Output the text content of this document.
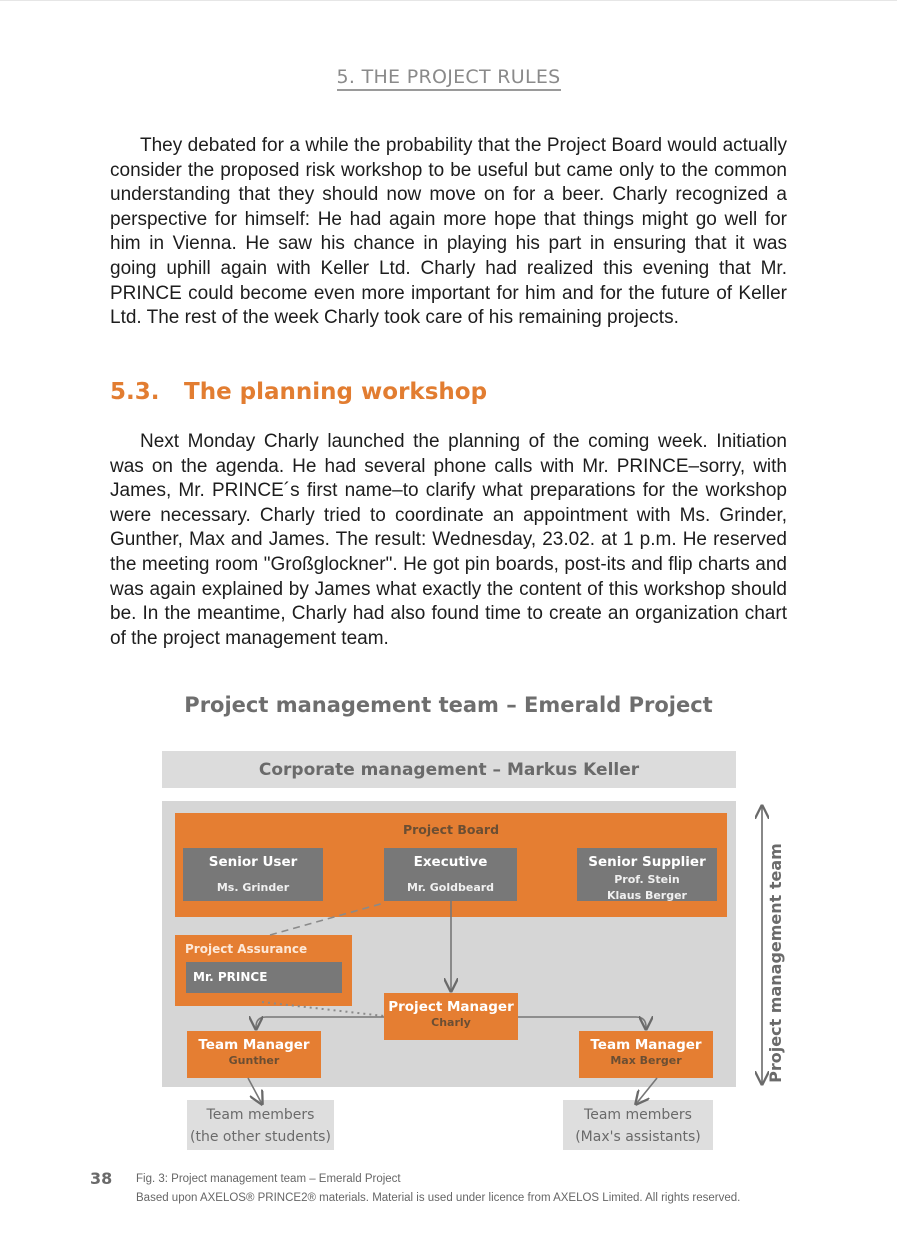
5. THE PROJECT RULES

They debated for a while the probability that the Project Board would actually consider the proposed risk workshop to be useful but came only to the common understanding that they should now move on for a beer. Charly recognized a perspective for himself: He had again more hope that things might go well for him in Vienna. He saw his chance in playing his part in ensuring that it was going uphill again with Keller Ltd. Charly had realized this evening that Mr. PRINCE could become even more important for him and for the future of Keller Ltd. The rest of the week Charly took care of his remaining projects.

5.3. The planning workshop

Next Monday Charly launched the planning of the coming week. Initiation was on the agenda. He had several phone calls with Mr. PRINCE–sorry, with James, Mr. PRINCE´s first name–to clarify what preparations for the workshop were necessary. Charly tried to coordinate an appointment with Ms. Grinder, Gunther, Max and James. The result: Wednesday, 23.02. at 1 p.m. He reserved the meeting room "Großglockner". He got pin boards, post-its and flip charts and was again explained by James what exactly the content of this workshop should be. In the meantime, Charly had also found time to create an organization chart of the project management team.

Project management team – Emerald Project
Corporate management – Markus Keller
Project Board
Senior User
Ms. Grinder
Executive
Mr. Goldbeard
Senior Supplier
Prof. Stein
Klaus Berger
Project Assurance
Mr. PRINCE
Project Manager
Charly
Team Manager
Gunther
Team Manager
Max Berger
Team members
(the other students)
Team members
(Max's assistants)
Project management team
38 Fig. 3: Project management team – Emerald Project
Based upon AXELOS® PRINCE2® materials. Material is used under licence from AXELOS Limited. All rights reserved.
